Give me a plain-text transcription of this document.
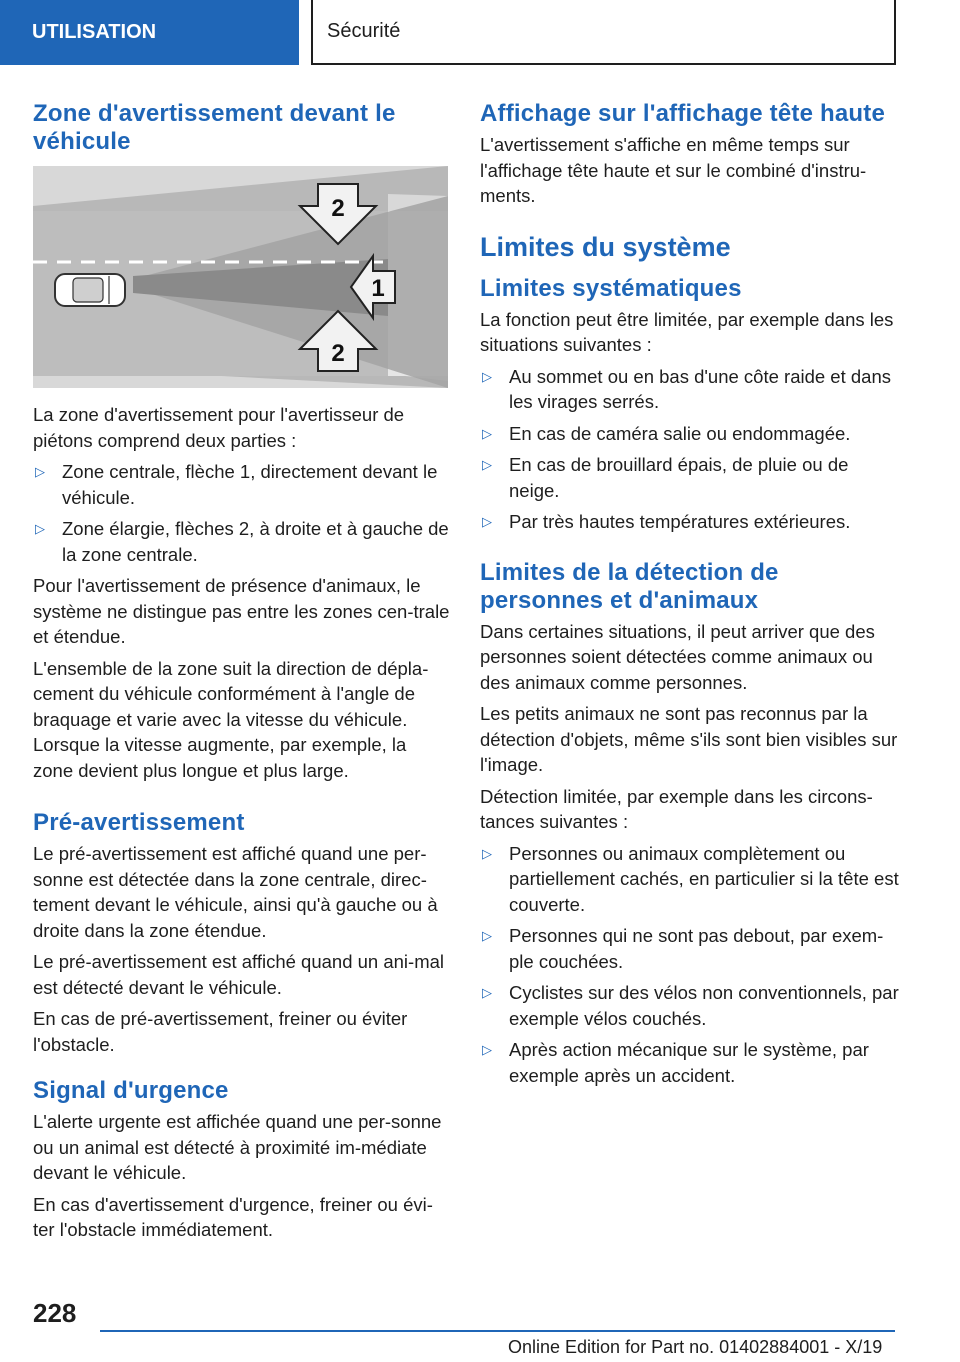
UTILISATION	Sécurité
Zone d'avertissement devant le véhicule
2
1
2

La zone d'avertissement pour l'avertisseur de piétons comprend deux parties :

▷ Zone centrale, flèche 1, directement devant le véhicule.
▷ Zone élargie, flèches 2, à droite et à gauche de la zone centrale.

Pour l'avertissement de présence d'animaux, le système ne distingue pas entre les zones cen-trale et étendue.

L'ensemble de la zone suit la direction de dépla-cement du véhicule conformément à l'angle de braquage et varie avec la vitesse du véhicule. Lorsque la vitesse augmente, par exemple, la zone devient plus longue et plus large.

Pré-avertissement

Le pré-avertissement est affiché quand une per-sonne est détectée dans la zone centrale, direc-tement devant le véhicule, ainsi qu'à gauche ou à droite dans la zone étendue.

Le pré-avertissement est affiché quand un ani-mal est détecté devant le véhicule.

En cas de pré-avertissement, freiner ou éviter l'obstacle.

Signal d'urgence

L'alerte urgente est affichée quand une per-sonne ou un animal est détecté à proximité im-médiate devant le véhicule.

En cas d'avertissement d'urgence, freiner ou évi-ter l'obstacle immédiatement.

Affichage sur l'affichage tête haute

L'avertissement s'affiche en même temps sur l'affichage tête haute et sur le combiné d'instru-ments.

Limites du système
Limites systématiques

La fonction peut être limitée, par exemple dans les situations suivantes :

▷ Au sommet ou en bas d'une côte raide et dans les virages serrés.
▷ En cas de caméra salie ou endommagée.
▷ En cas de brouillard épais, de pluie ou de neige.
▷ Par très hautes températures extérieures.
Limites de la détection de personnes et d'animaux

Dans certaines situations, il peut arriver que des personnes soient détectées comme animaux ou des animaux comme personnes.

Les petits animaux ne sont pas reconnus par la détection d'objets, même s'ils sont bien visibles sur l'image.

Détection limitée, par exemple dans les circons-tances suivantes :

▷ Personnes ou animaux complètement ou partiellement cachés, en particulier si la tête est couverte.
▷ Personnes qui ne sont pas debout, par exem-ple couchées.
▷ Cyclistes sur des vélos non conventionnels, par exemple vélos couchés.
▷ Après action mécanique sur le système, par exemple après un accident.
228
Online Edition for Part no. 01402884001 - X/19
